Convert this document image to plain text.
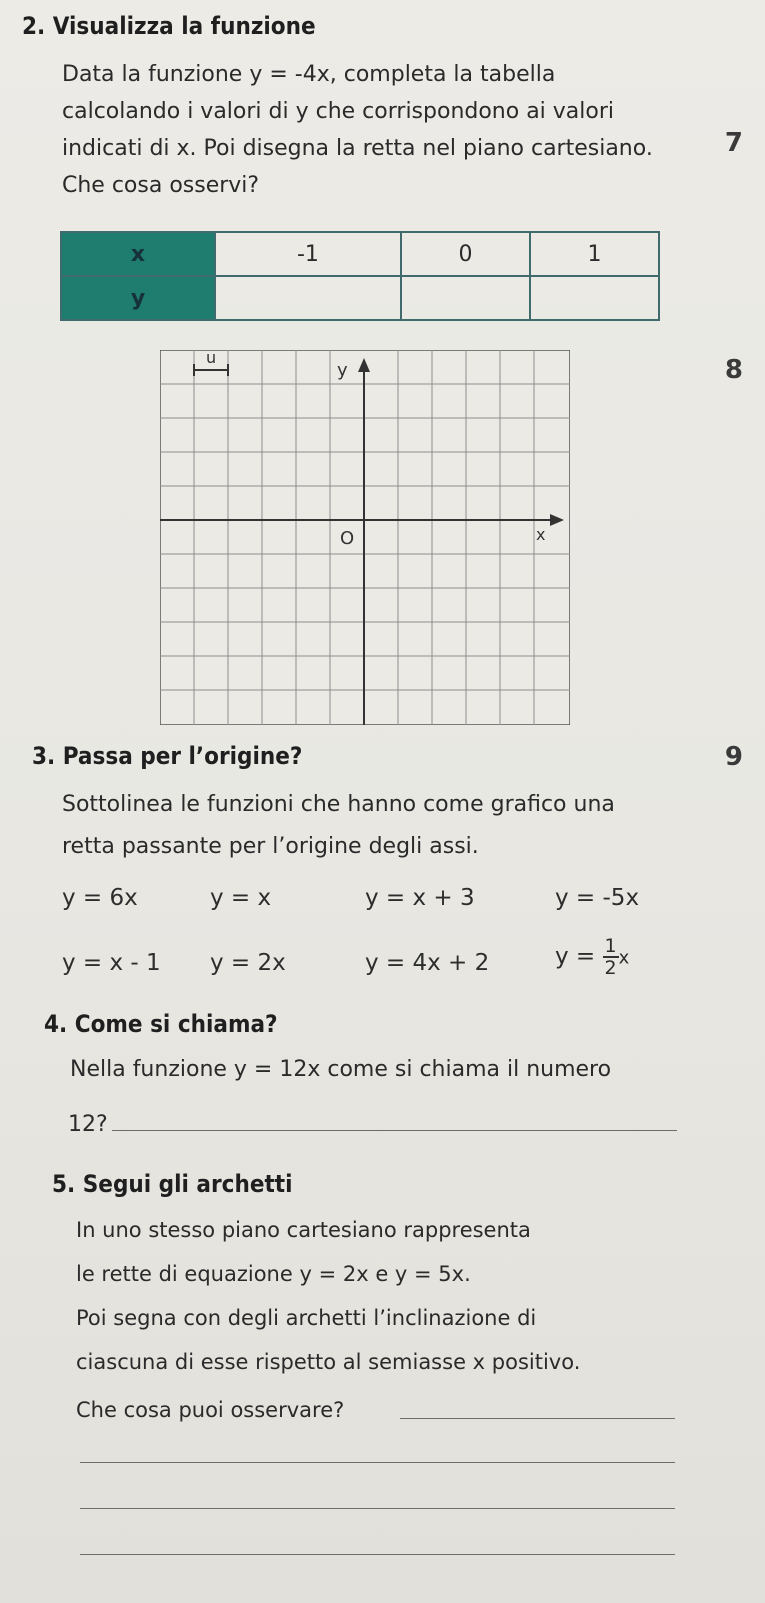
7
8
9
2. Visualizza la funzione

Data la funzione y = -4x, completa la tabella calcolando i valori di y che corrispondono ai valori indicati di x. Poi disegna la retta nel piano cartesiano. Che cosa osservi?

x	-1	0	1
y			
u
y
x
O
3. Passa per l’origine?

Sottolinea le funzioni che hanno come grafico una retta passante per l’origine degli assi.

y = 6x	y = x	y = x + 3	y = -5x
y = x - 1 y = 2x	y = 4x + 2	$y = \frac{1}{2}$ x
4. Come si chiama?

Nella funzione y = 12x come si chiama il numero

12?
5. Segui gli archetti
In uno stesso piano cartesiano rappresenta
le rette di equazione y = 2x e y = 5x.
Poi segna con degli archetti l’inclinazione di
ciascuna di esse rispetto al semiasse x positivo.
Che cosa puoi osservare?
